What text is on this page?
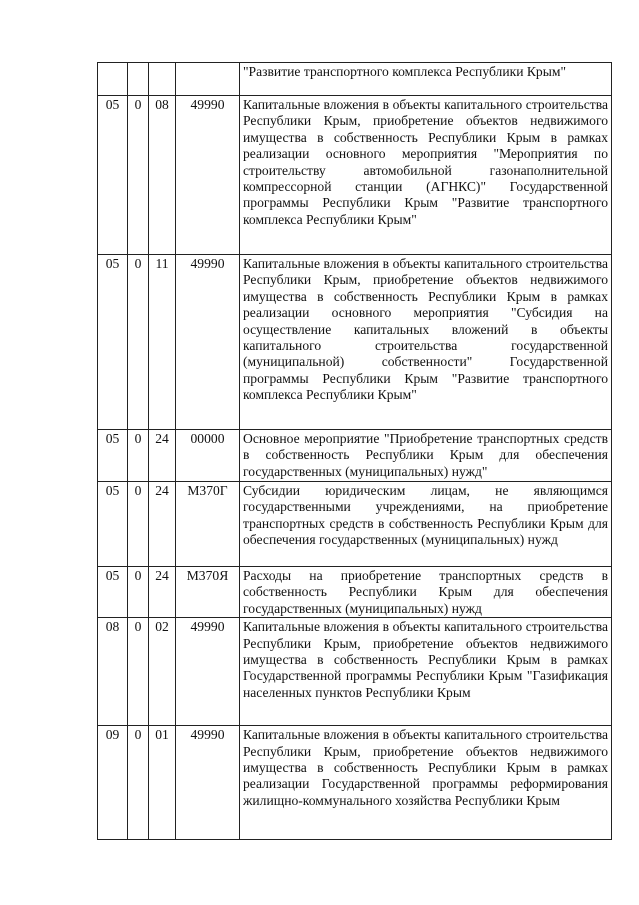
				"Развитие транспортного комплекса Республики Крым"
05	0	08	49990	Капитальные вложения в объекты капитального строительства Республики Крым, приобретение объектов недвижимого имущества в собственность Республики Крым в рамках реализации основного мероприятия "Мероприятия по строительству автомобильной газонаполнительной компрессорной станции (АГНКС)" Государственной программы Республики Крым "Развитие транспортного комплекса Республики Крым"
05	0	11	49990	Капитальные вложения в объекты капитального строительства Республики Крым, приобретение объектов недвижимого имущества в собственность Республики Крым в рамках реализации основного мероприятия "Субсидия на осуществление капитальных вложений в объекты капитального строительства государственной (муниципальной) собственности" Государственной программы Республики Крым "Развитие транспортного комплекса Республики Крым"
05	0	24	00000	Основное мероприятие "Приобретение транспортных средств в собственность Республики Крым для обеспечения государственных (муниципальных) нужд"
05	0	24	М370Г	Субсидии юридическим лицам, не являющимся государственными учреждениями, на приобретение транспортных средств в собственность Республики Крым для обеспечения государственных (муниципальных) нужд
05	0	24	М370Я	Расходы на приобретение транспортных средств в собственность Республики Крым для обеспечения государственных (муниципальных) нужд
08	0	02	49990	Капитальные вложения в объекты капитального строительства Республики Крым, приобретение объектов недвижимого имущества в собственность Республики Крым в рамках Государственной программы Республики Крым "Газификация населенных пунктов Республики Крым
09	0	01	49990	Капитальные вложения в объекты капитального строительства Республики Крым, приобретение объектов недвижимого имущества в собственность Республики Крым в рамках реализации Государственной программы реформирования жилищно-коммунального хозяйства Республики Крым
